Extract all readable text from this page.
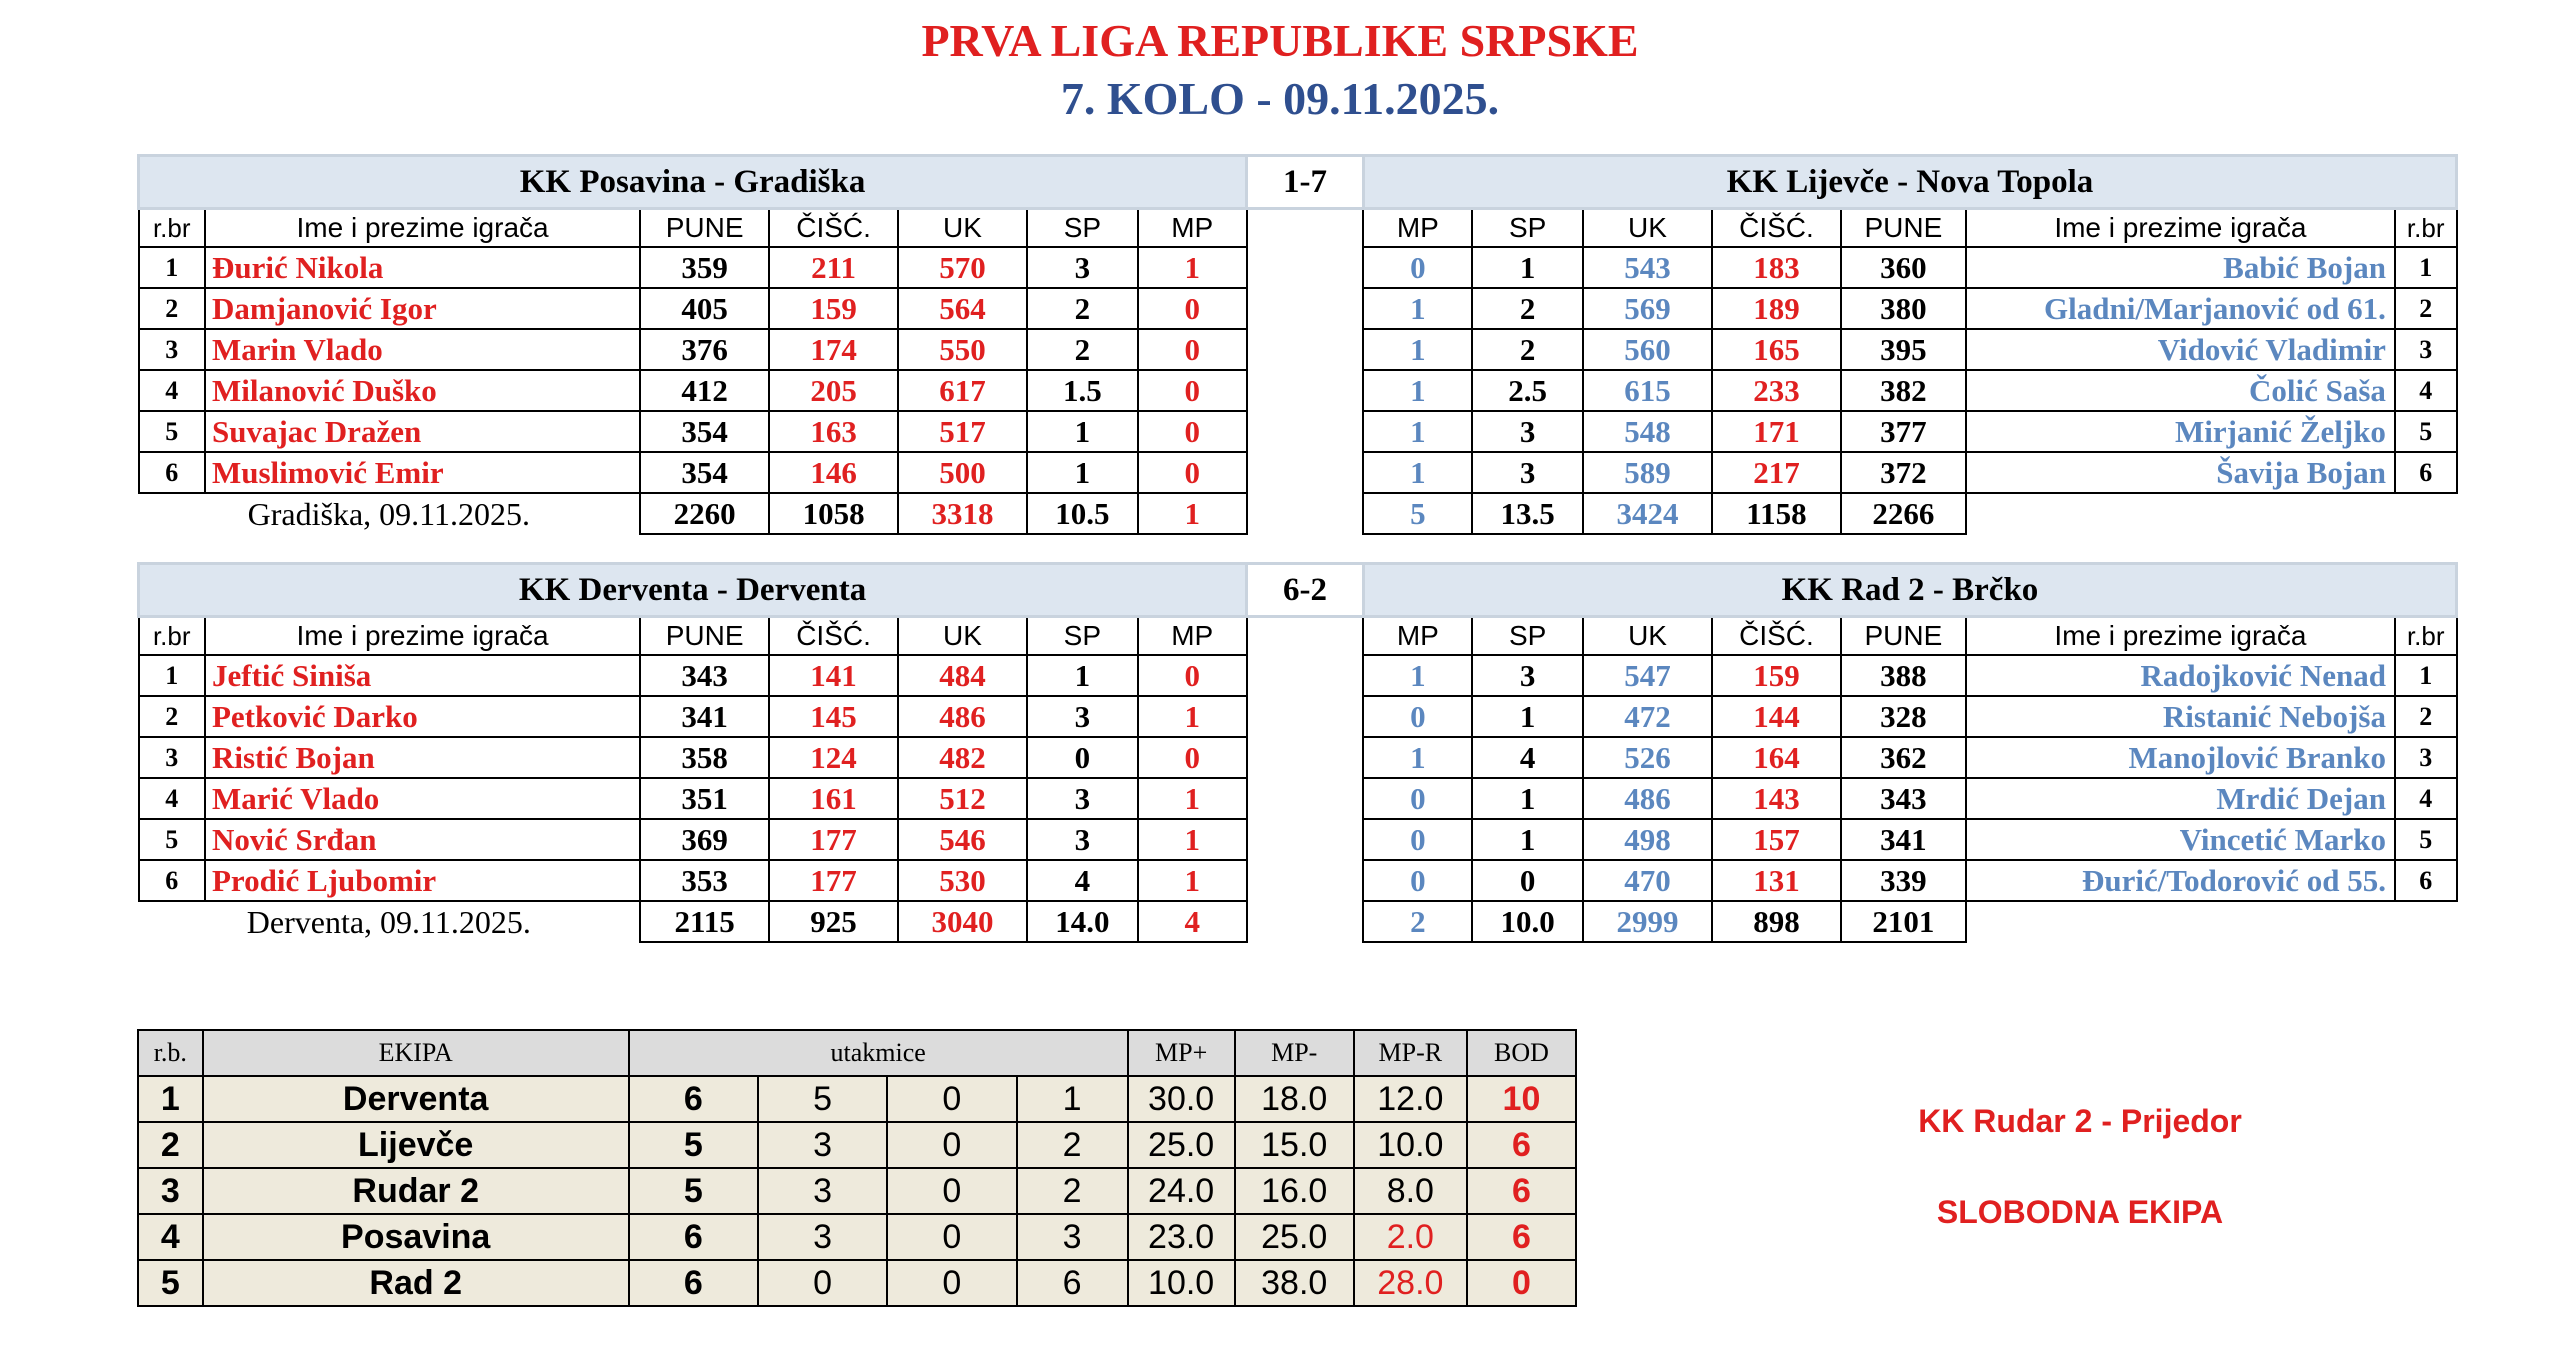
PRVA LIGA REPUBLIKE SRPSKE
7. KOLO - 09.11.2025.
KK Posavina - Gradiška							1-7	KK Lijevče - Nova Topola						
r.br	Ime i prezime igrača	PUNE	ČIŠĆ.	UK	SP	MP		MP	SP	UK	ČIŠĆ.	PUNE	Ime i prezime igrača	r.br
1	Đurić Nikola	359	211	570	3	1		0	1	543	183	360	Babić Bojan	1
2	Damjanović Igor	405	159	564	2	0		1	2	569	189	380	Gladni/Marjanović od 61.	2
3	Marin Vlado	376	174	550	2	0		1	2	560	165	395	Vidović Vladimir	3
4	Milanović Duško	412	205	617	1.5	0		1	2.5	615	233	382	Čolić Saša	4
5	Suvajac Dražen	354	163	517	1	0		1	3	548	171	377	Mirjanić Željko	5
6	Muslimović Emir	354	146	500	1	0		1	3	589	217	372	Šavija Bojan	6
Gradiška, 09.11.2025.		2260	1058	3318	10.5	1		5	13.5	3424	1158	2266		
KK Derventa - Derventa							6-2	KK Rad 2 - Brčko						
r.br	Ime i prezime igrača	PUNE	ČIŠĆ.	UK	SP	MP		MP	SP	UK	ČIŠĆ.	PUNE	Ime i prezime igrača	r.br
1	Jeftić Siniša	343	141	484	1	0		1	3	547	159	388	Radojković Nenad	1
2	Petković Darko	341	145	486	3	1		0	1	472	144	328	Ristanić Nebojša	2
3	Ristić Bojan	358	124	482	0	0		1	4	526	164	362	Manojlović Branko	3
4	Marić Vlado	351	161	512	3	1		0	1	486	143	343	Mrdić Dejan	4
5	Nović Srđan	369	177	546	3	1		0	1	498	157	341	Vincetić Marko	5
6	Prodić Ljubomir	353	177	530	4	1		0	0	470	131	339	Đurić/Todorović od 55.	6
Derventa, 09.11.2025.		2115	925	3040	14.0	4		2	10.0	2999	898	2101		
r.b.	EKIPA	utakmice				MP+	MP-	MP-R	BOD
1	Derventa	6	5	0	1	30.0	18.0	12.0	10
2	Lijevče	5	3	0	2	25.0	15.0	10.0	6
3	Rudar 2	5	3	0	2	24.0	16.0	8.0	6
4	Posavina	6	3	0	3	23.0	25.0	2.0	6
5	Rad 2	6	0	0	6	10.0	38.0	28.0	0
KK Rudar 2 - Prijedor
SLOBODNA EKIPA
